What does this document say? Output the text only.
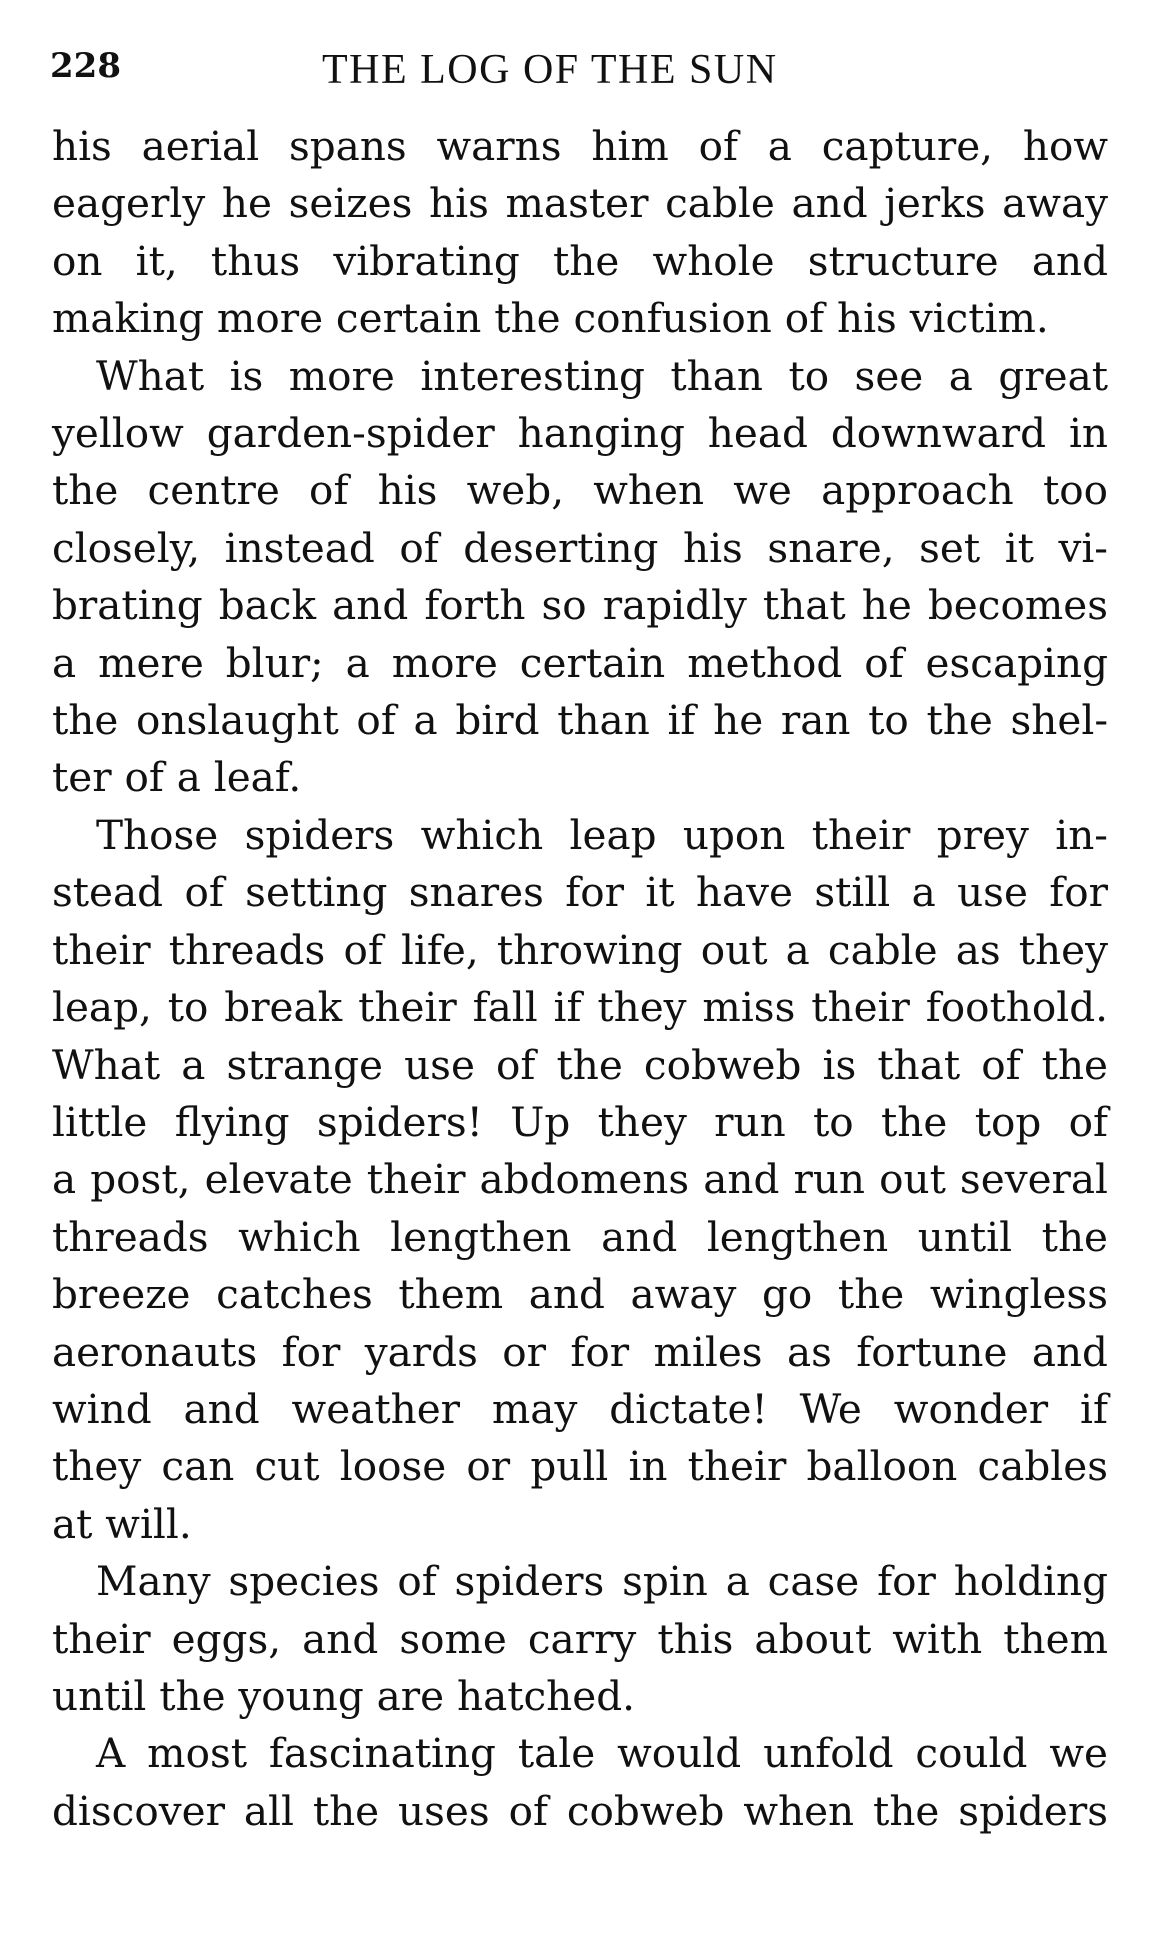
228	THE LOG OF THE SUN

his aerial spans warns him of a capture, how
eagerly he seizes his master cable and jerks away
on it, thus vibrating the whole structure and
making more certain the confusion of his victim.

What is more interesting than to see a great
yellow garden-spider hanging head downward in
the centre of his web, when we approach too
closely, instead of deserting his snare, set it vi-
brating back and forth so rapidly that he becomes
a mere blur; a more certain method of escaping
the onslaught of a bird than if he ran to the shel-
ter of a leaf.

Those spiders which leap upon their prey in-
stead of setting snares for it have still a use for
their threads of life, throwing out a cable as they
leap, to break their fall if they miss their foothold.
What a strange use of the cobweb is that of the
little flying spiders! Up they run to the top of
a post, elevate their abdomens and run out several
threads which lengthen and lengthen until the
breeze catches them and away go the wingless
aeronauts for yards or for miles as fortune and
wind and weather may dictate! We wonder if
they can cut loose or pull in their balloon cables
at will.

Many species of spiders spin a case for holding
their eggs, and some carry this about with them
until the young are hatched.

A most fascinating tale would unfold could we
discover all the uses of cobweb when the spiders
